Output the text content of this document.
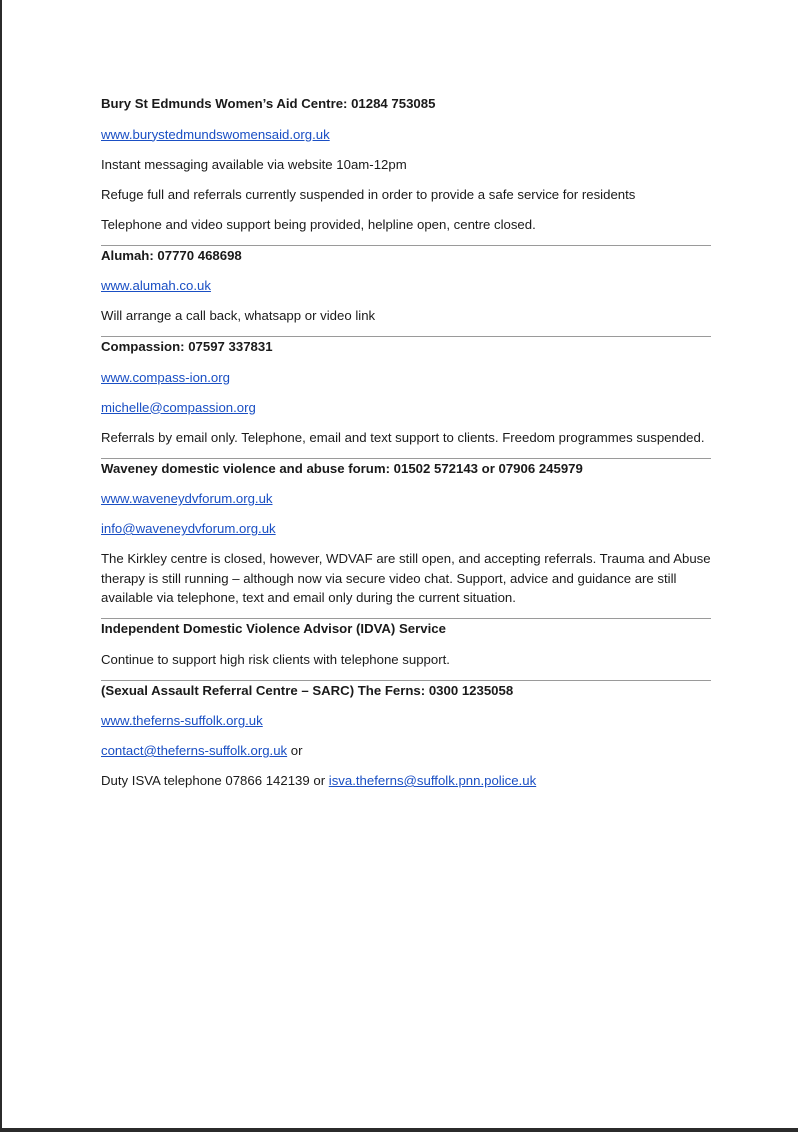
Bury St Edmunds Women’s Aid Centre: 01284 753085

www.burystedmundswomensaid.org.uk

Instant messaging available via website 10am-12pm

Refuge full and referrals currently suspended in order to provide a safe service for residents

Telephone and video support being provided, helpline open, centre closed.

Alumah: 07770 468698

www.alumah.co.uk

Will arrange a call back, whatsapp or video link

Compassion: 07597 337831

www.compass-ion.org

michelle@compassion.org

Referrals by email only. Telephone, email and text support to clients. Freedom programmes suspended.

Waveney domestic violence and abuse forum: 01502 572143 or 07906 245979

www.waveneydvforum.org.uk

info@waveneydvforum.org.uk

The Kirkley centre is closed, however, WDVAF are still open, and accepting referrals. Trauma and Abuse therapy is still running – although now via secure video chat. Support, advice and guidance are still available via telephone, text and email only during the current situation.

Independent Domestic Violence Advisor (IDVA) Service

Continue to support high risk clients with telephone support.

(Sexual Assault Referral Centre – SARC) The Ferns: 0300 1235058

www.theferns-suffolk.org.uk

contact@theferns-suffolk.org.uk or

Duty ISVA telephone 07866 142139 or isva.theferns@suffolk.pnn.police.uk
